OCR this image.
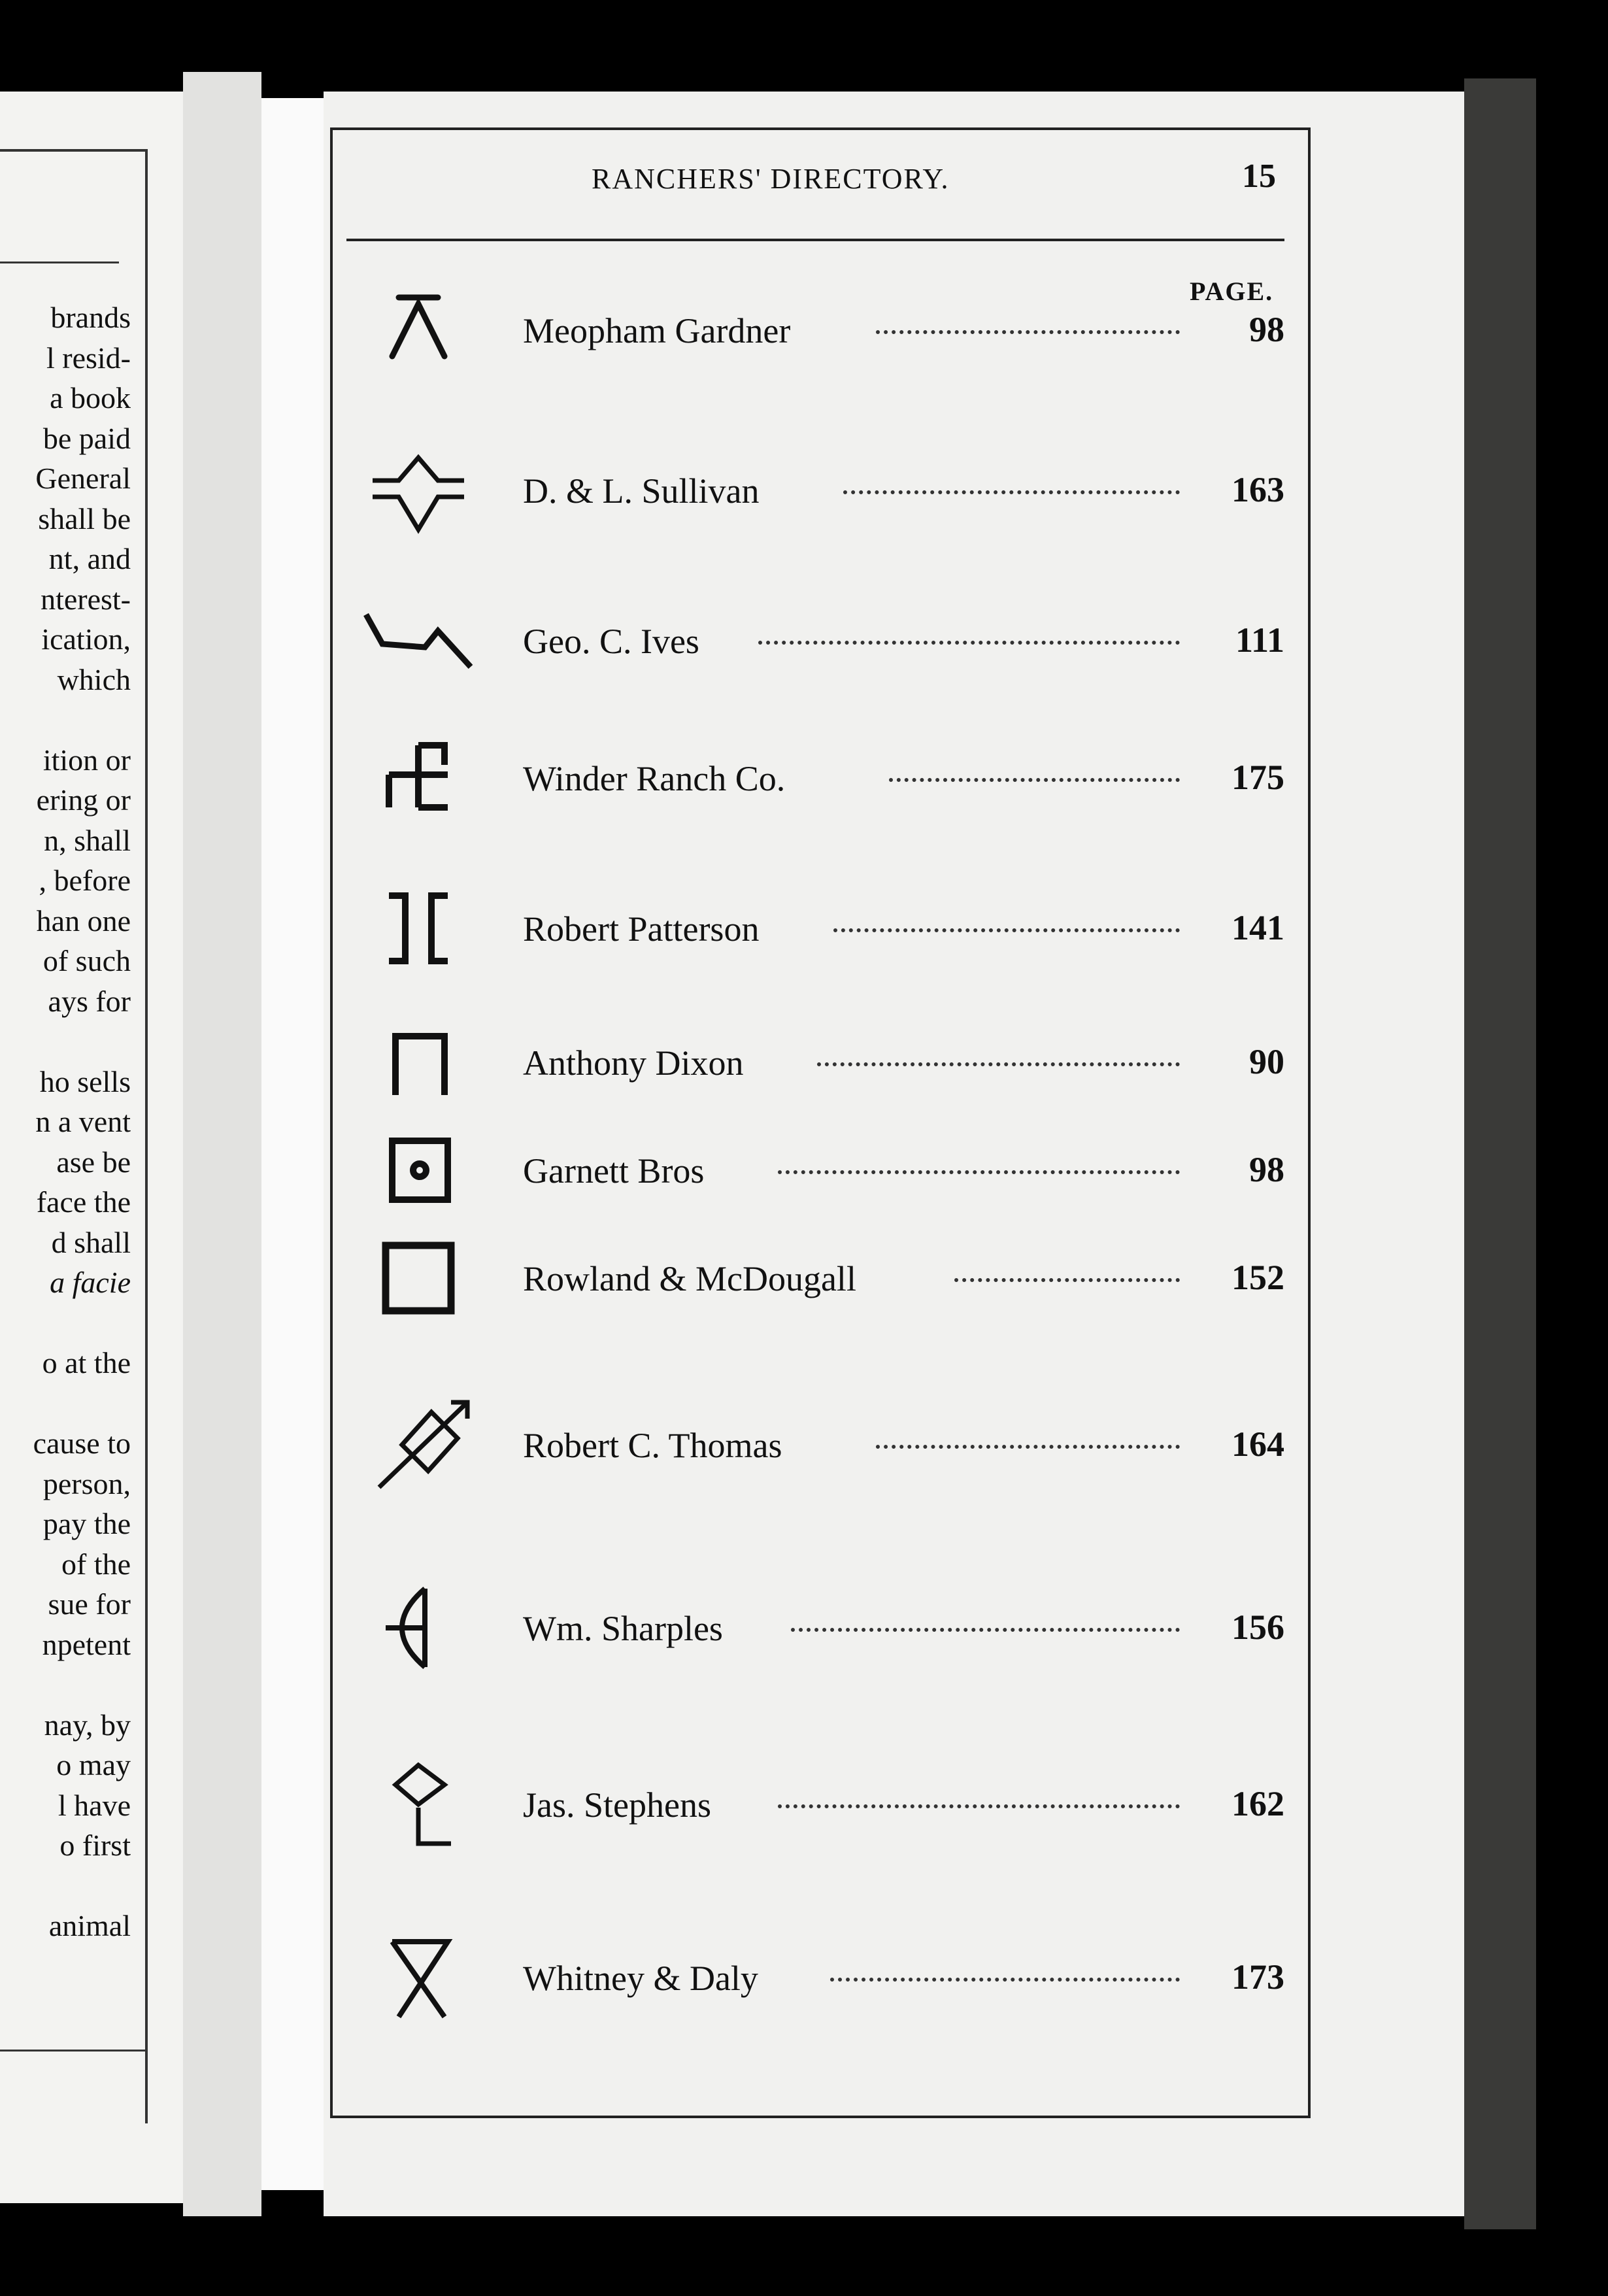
brands
l resid-
a book
be paid
General
shall be
nt, and
nterest-
ication,
which
ition or
ering or
n, shall
, before
han one
of such
ays for
ho sells
n a vent
ase be
face the
d shall
a facie
o at the
cause to
person,
pay the
of the
sue for
npetent
nay, by
o may
l have
o first
animal
RANCHERS' DIRECTORY.	15
PAGE.
Meopham Gardner	98
D. & L. Sullivan	163
Geo. C. Ives	111
Winder Ranch Co.	175
Robert Patterson	141
Anthony Dixon	90
Garnett Bros	98
Rowland & McDougall	152
Robert C. Thomas	164
Wm. Sharples	156
Jas. Stephens	162
Whitney & Daly	173
